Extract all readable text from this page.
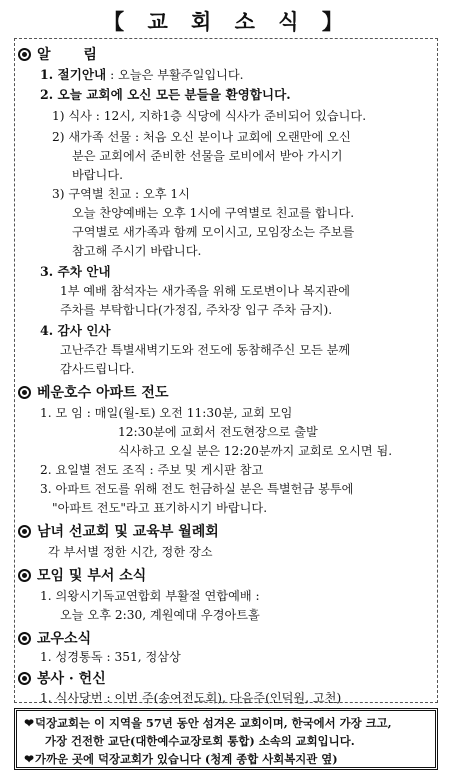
【 교 회 소 식 】
알 림
1. 절기안내 : 오늘은 부활주일입니다.
2. 오늘 교회에 오신 모든 분들을 환영합니다.
1) 식사 : 12시, 지하1층 식당에 식사가 준비되어 있습니다.
2) 새가족 선물 : 처음 오신 분이나 교회에 오랜만에 오신
분은 교회에서 준비한 선물을 로비에서 받아 가시기
바랍니다.
3) 구역별 친교 : 오후 1시
오늘 찬양예배는 오후 1시에 구역별로 친교를 합니다.
구역별로 새가족과 함께 모이시고, 모임장소는 주보를
참고해 주시기 바랍니다.
3. 주차 안내
1부 예배 참석자는 새가족을 위해 도로변이나 복지관에
주차를 부탁합니다(가정집, 주차장 입구 주차 금지).
4. 감사 인사
고난주간 특별새벽기도와 전도에 동참해주신 모든 분께
감사드립니다.
베운호수 아파트 전도
1. 모 임 : 매일(월-토) 오전 11:30분, 교회 모임
12:30분에 교회서 전도현장으로 출발
식사하고 오실 분은 12:20분까지 교회로 오시면 됨.
2. 요일별 전도 조직 : 주보 및 게시판 참고
3. 아파트 전도를 위해 전도 헌금하실 분은 특별헌금 봉투에
"아파트 전도"라고 표기하시기 바랍니다.
남녀 선교회 및 교육부 월례회
각 부서별 정한 시간, 정한 장소
모임 및 부서 소식
1. 의왕시기독교연합회 부활절 연합예배 :
오늘 오후 2:30, 계원예대 우경아트홀
교우소식
1. 성경통독 : 351, 정삼상
봉사 · 헌신
1. 식사당번 : 이번 주(송여전도회), 다음주(인덕원, 고천)
❤덕장교회는 이 지역을 57년 동안 섬겨온 교회이며, 한국에서 가장 크고,
가장 건전한 교단(대한예수교장로회 통합) 소속의 교회입니다.
❤가까운 곳에 덕장교회가 있습니다 (청계 종합 사회복지관 옆)
